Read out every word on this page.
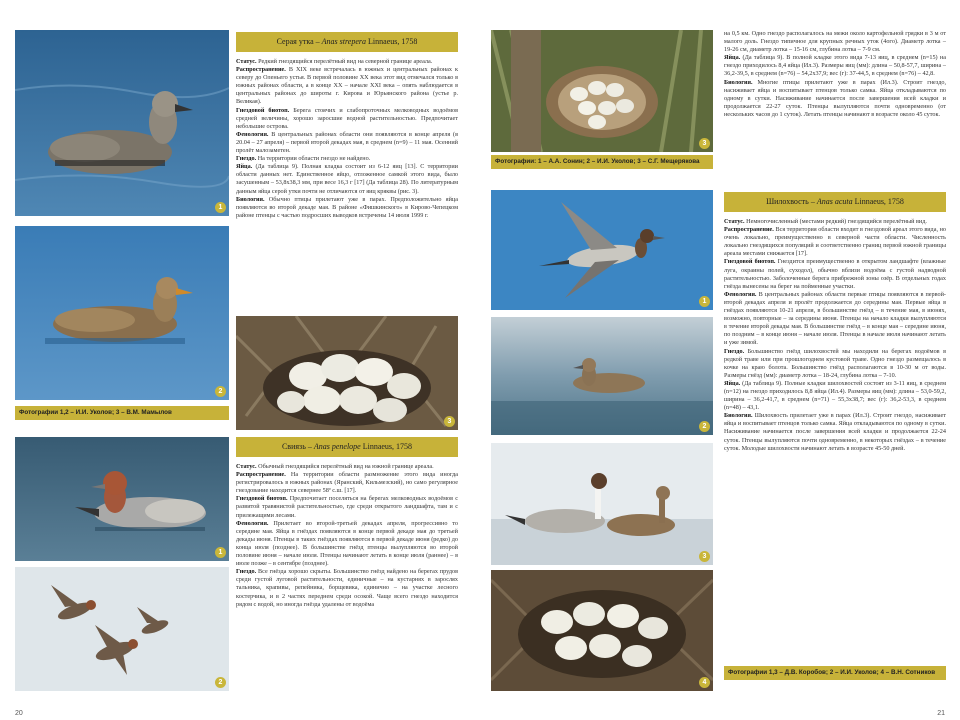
1
2
3
1
2
Серая утка – Anas strepera Linnaeus, 1758

Статус. Редкий гнездящийся перелётный вид на северной границе ареала.

Распространение. В XIX веке встречалась в южных и центральных районах к северу до Оленьего устья. В первой половине XX века этот вид отмечался только в южных районах области, а в конце XX – начале XXI века – опять наблюдается в центральных районах до широты г. Кирова и Юрьянского района (устье р. Великая).

Гнездовой биотоп. Берега стоячих и слабопроточных мелководных водоёмов средней величины, хорошо заросшие водной растительностью. Предпочитает небольшие острова.

Фенология. В центральных районах области они появляются в конце апреля (в 20.04 – 27 апреля) – первой второй декадах мая, в среднем (n=9) – 11 мая. Осенний пролёт малозаметен.

Гнездо. На территории области гнездо не найдено.

Яйца. (Да таблица 9). Полная кладка состоит из 6-12 яиц [13]. С территории области данных нет. Единственное яйцо, отложенное самкой этого вида, было засушенным – 53,8х38,3 мм, при весе 16,3 г [17] (Да таблица 28). По литературным данным яйца серой утки почти не отличаются от яиц кряквы (рис. 3).

Биология. Обычно птицы прилетают уже в парах. Предположительно яйца появляются во второй декаде мая. В районе «Фишкинского» в Кирово-Чепецком районе птенцы с частью подросших выводков встречены 14 июля 1999 г.

Фотографии 1,2 – И.И. Уколов; 3 – В.М. Мамылов
Свиязь – Anas penelope Linnaeus, 1758

Статус. Обычный гнездящийся перелётный вид на южной границе ареала.

Распространение. На территории области размножение этого вида иногда регистрировалось в южных районах (Яранский, Кильмезский), но само регулярное гнездование находится севернее 58º с.ш. [17].

Гнездовой биотоп. Предпочитает поселяться на берегах мелководных водоёмов с развитой травянистой растительностью, где среди открытого ландшафта, там и с прилежащими лесами.

Фенология. Прилетает во второй-третьей декадах апреля, прогрессивно то середине мая. Яйца в гнёздах появляются в конце первой декаде мая до третьей декады июня. Птенцы в таких гнёздах появляются в первой декаде июня (редко) до конца июля (позднее). В большинстве гнёзд птенцы вылупляются во второй половине июня – начале июля. Птенцы начинают летать в конце июля (раннее) – в июле позже – в сентябре (позднее).

Гнездо. Все гнёзда хорошо скрыты. Большинство гнёзд найдено на берегах прудов среди густой луговой растительности, единичные – на кустарнях в зарослях тальника, крапивы, репейника, борщевика, единично – на участке лесного костерчика, и в 2 частях переднем среди осокой. Чаще всего гнездо находится рядом с водой, но иногда гнёзда удалены от водоёма

20
3
Фотографии: 1 – А.А. Сонин; 2 – И.И. Уколов; 3 – С.Г. Мещерякова

на 0,5 км. Одно гнездо располагалось на межи около картофельной грядки в 3 м от малого доль. Гнездо типичное для крупных речных уток (4ого). Диаметр лотка – 19-26 см, диаметр лотка – 15-16 см, глубина лотка – 7-9 см.

Яйца. (Да таблица 9). В полной кладке этого вида 7-13 яиц, в среднем (n=15) на гнездо приходилось 8,4 яйца (Ил.3). Размеры яиц (мм): длина – 50,8-57,7, ширина – 36,2-39,5, в среднем (n=76) – 54,2x37,9; вес (г): 37-44,5, в среднем (n=76) – 42,8.

Биология. Многие птицы прилетают уже в парах (Ил.3). Строит гнездо, насиживает яйца и воспитывает птенцов только самка. Яйца откладываются по одному в сутки. Насиживание начинается после завершения всей кладки и продолжается 22-27 суток. Птенцы вылупляются почти одновременно (от нескольких часов до 1 суток). Летать птенцы начинают в возрасте около 45 суток.

1
2
3
4
Шилохвость – Anas acuta Linnaeus, 1758

Статус. Немногочисленный (местами редкий) гнездящийся перелётный вид.

Распространение. Вся территория области входит в гнездовой ареал этого вида, но очень локально, преимущественно в северной части области. Численность локально гнездящихся популяций и соответственно границ первой южной границы ареала местами снижается [17].

Гнездовой биотоп. Гнездится преимущественно в открытом ландшафте (влажные луга, окраины полей, суходол), обычно вблизи водоёма с густой надводной растительностью. Заболоченные берега прибрежной зоны озёр. В отдельных годах гнёзда вынесены на берег на пойменные участки.

Фенология. В центральных районах области первые птицы появляются в первой-второй декадах апреля и пролёт продолжается до середины мая. Первые яйца в гнёздах появляются 10-21 апреля, в большинстве гнёзд – в течение мая, в июнях, возможно, повторные – за середины июня. Птенцы на начало кладки вылупляются в течение второй декады мая. В большинстве гнёзд – в конце мая – середине июня, по поздним – в конце июня – начале июля. Птенцы в начале июля начинают летать и уже зимой.

Гнездо. Большинство гнёзд шилохвостей мы находили на берегах водоёмов в редкой траве или при прошлогоднем кустовой траве. Одно гнездо размещалось в кочке на краю болота. Большинство гнёзд располагаются в 10-30 м от воды. Размеры гнёзд (мм): диаметр лотка – 18-24, глубина лотка – 7-10.

Яйца. (Да таблица 9). Полные кладки шилохвостей состоят из 3-11 яиц, в среднем (n=12) на гнездо приходилось 8,8 яйца (Ил.4). Размеры яиц (мм): длина – 53,0-59,2, ширина – 36,2-41,7, в среднем (n=71) – 55,3x38,7; вес (г): 36,2-53,3, в среднем (n=48) – 43,1.

Биология. Шилохвость прилетает уже в парах (Ил.3). Строит гнездо, насиживает яйца и воспитывает птенцов только самка. Яйца откладываются по одному в сутки. Насиживание начинается после завершения всей кладки и продолжается 22-24 суток. Птенцы вылупляются почти одновременно, в некоторых гнёздах – в течение суток. Молодые шилохвости начинают летать в возрасте 45-50 дней.

Фотографии 1,3 – Д.В. Коробов; 2 – И.И. Уколов; 4 – В.Н. Сотников
21
